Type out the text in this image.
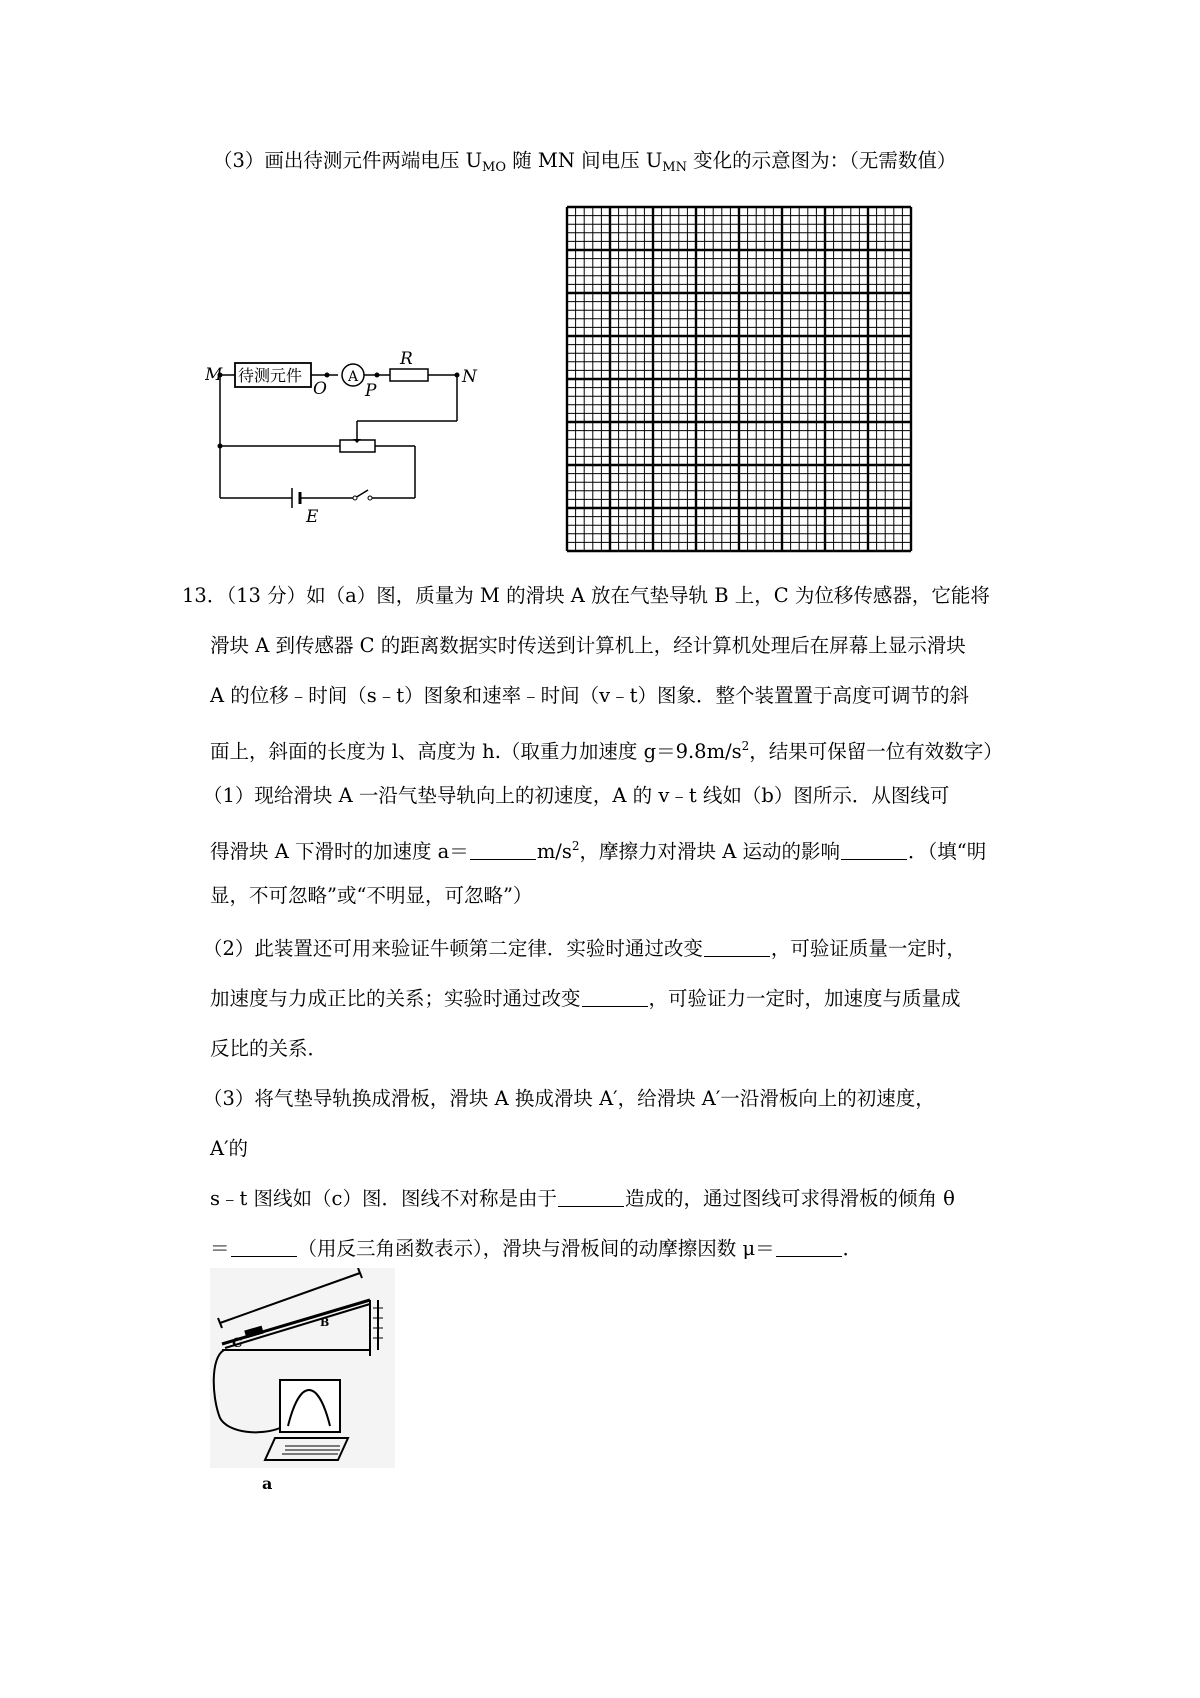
（3）画出待测元件两端电压 $U_{MO}$ 随 MN 间电压 $U_{MN}$ 变化的示意图为：（无需数值）
M	N
O P
R
E
A
待测元件
13．（13 分）如（a）图，质量为 M 的滑块 A 放在气垫导轨 B 上，C 为位移传感器，它能将
滑块 A 到传感器 C 的距离数据实时传送到计算机上，经计算机处理后在屏幕上显示滑块
A 的位移﹣时间（s﹣t）图象和速率﹣时间（v﹣t）图象．整个装置置于高度可调节的斜
面上，斜面的长度为 l、高度为 h.（取重力加速度 $g=9.8m/s^2$，结果可保留一位有效数字）
（1）现给滑块 A 一沿气垫导轨向上的初速度，A 的 v﹣t 线如（b）图所示．从图线可
得滑块 A 下滑时的加速度 a＝	$m/s^2$，摩擦力对滑块 A 运动的影响	．（填“明
显，不可忽略”或“不明显，可忽略”）
（2）此装置还可用来验证牛顿第二定律．实验时通过改变	，可验证质量一定时，
加速度与力成正比的关系；实验时通过改变	，可验证力一定时，加速度与质量成
反比的关系．
（3）将气垫导轨换成滑板，滑块 A 换成滑块 A′，给滑块 A′一沿滑板向上的初速度，
A′的
s﹣t 图线如（c）图．图线不对称是由于	造成的，通过图线可求得滑板的倾角 θ
＝	（用反三角函数表示），滑块与滑板间的动摩擦因数 μ＝	．
C
B
a
